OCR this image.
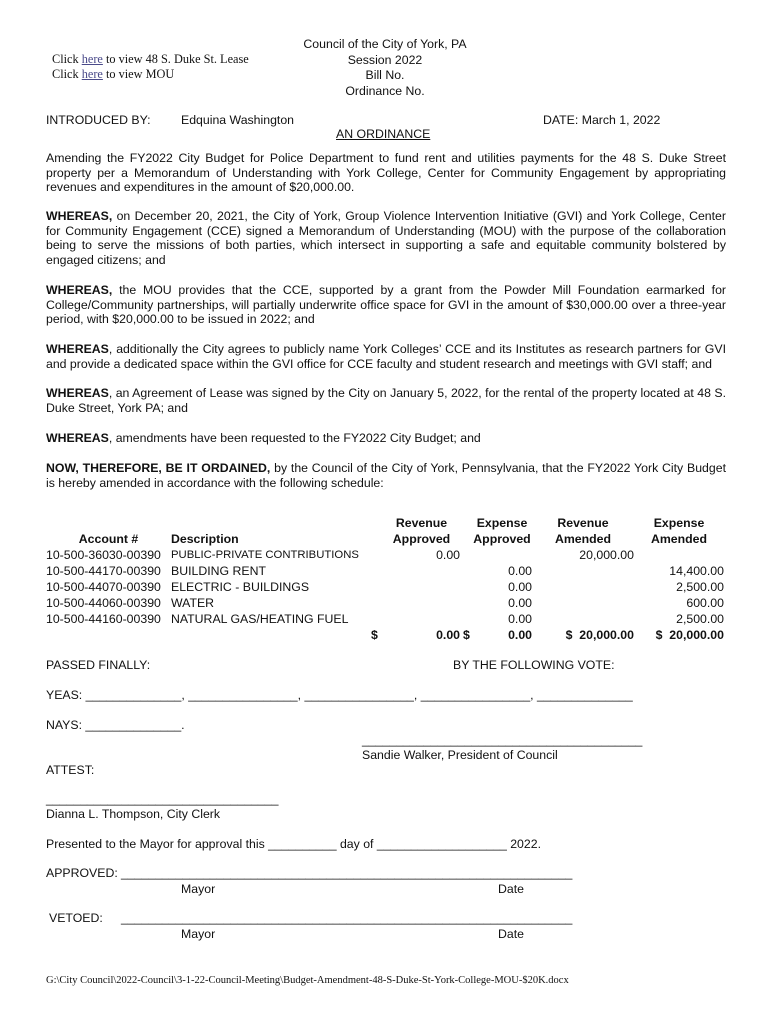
Click here to view 48 S. Duke St. Lease
Click here to view MOU
Council of the City of York, PA
Session 2022
Bill No.
Ordinance No.
INTRODUCED BY: Edquina Washington	DATE: March 1, 2022
AN ORDINANCE
Amending the FY2022 City Budget for Police Department to fund rent and utilities payments for the 48 S. Duke Street property per a Memorandum of Understanding with York College, Center for Community Engagement by appropriating revenues and expenditures in the amount of $20,000.00.
WHEREAS, on December 20, 2021, the City of York, Group Violence Intervention Initiative (GVI) and York College, Center for Community Engagement (CCE) signed a Memorandum of Understanding (MOU) with the purpose of the collaboration being to serve the missions of both parties, which intersect in supporting a safe and equitable community bolstered by engaged citizens; and
WHEREAS, the MOU provides that the CCE, supported by a grant from the Powder Mill Foundation earmarked for College/Community partnerships, will partially underwrite office space for GVI in the amount of $30,000.00 over a three-year period, with $20,000.00 to be issued in 2022; and
WHEREAS, additionally the City agrees to publicly name York Colleges’ CCE and its Institutes as research partners for GVI and provide a dedicated space within the GVI office for CCE faculty and student research and meetings with GVI staff; and
WHEREAS, an Agreement of Lease was signed by the City on January 5, 2022, for the rental of the property located at 48 S. Duke Street, York PA; and
WHEREAS, amendments have been requested to the FY2022 City Budget; and
NOW, THEREFORE, BE IT ORDAINED, by the Council of the City of York, Pennsylvania, that the FY2022 York City Budget is hereby amended in accordance with the following schedule:
			Revenue		Expense	Revenue	Expense
Account #	Description		Approved		Approved	Amended	Amended
10-500-36030-00390	PUBLIC-PRIVATE CONTRIBUTIONS		0.00			20,000.00	
10-500-44170-00390	BUILDING RENT				0.00		14,400.00
10-500-44070-00390	ELECTRIC - BUILDINGS				0.00		2,500.00
10-500-44060-00390	WATER				0.00		600.00
10-500-44160-00390	NATURAL GAS/HEATING FUEL				0.00		2,500.00
		$	0.00	$	0.00	$  20,000.00	$  20,000.00
PASSED FINALLY:	BY THE FOLLOWING VOTE:
YEAS: ______________, ________________, ________________, ________________, ______________
NAYS: ______________.
_________________________________________
Sandie Walker, President of Council
ATTEST:
__________________________________
Dianna L. Thompson, City Clerk
Presented to the Mayor for approval this __________ day of ___________________ 2022.
APPROVED: __________________________________________________________________
Mayor	Date
VETOED: __________________________________________________________________
Mayor	Date
G:\City Council\2022-Council\3-1-22-Council-Meeting\Budget-Amendment-48-S-Duke-St-York-College-MOU-$20K.docx
